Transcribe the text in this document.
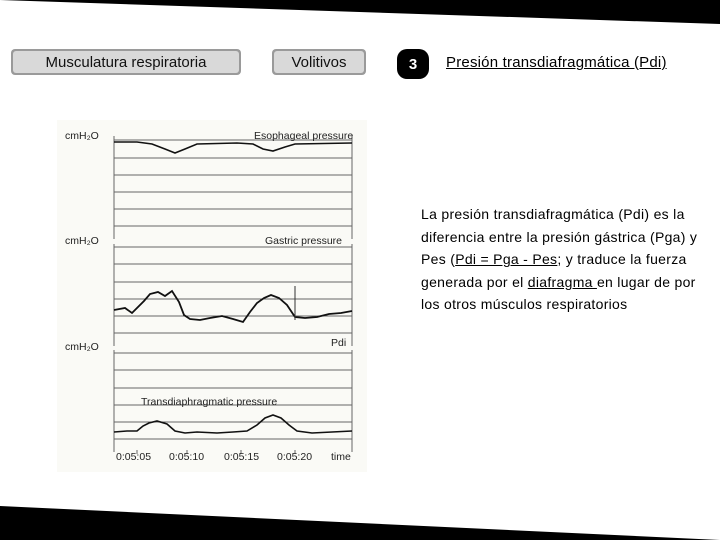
Musculatura respiratoria	Volitivos	3 Presión transdiafragmática (Pdi)
La presión transdiafragmática (Pdi) es la diferencia entre la presión gástrica (Pga) y Pes (Pdi = Pga - Pes; y traduce la fuerza generada por el diafragma en lugar de por los otros músculos respiratorios
cmH₂O	Esophageal pressure
cmH₂O	Gastric pressure
cmH₂O	Pdi
Transdiaphragmatic pressure
0:05:05 0:05:10 0:05:15 0:05:20 time
